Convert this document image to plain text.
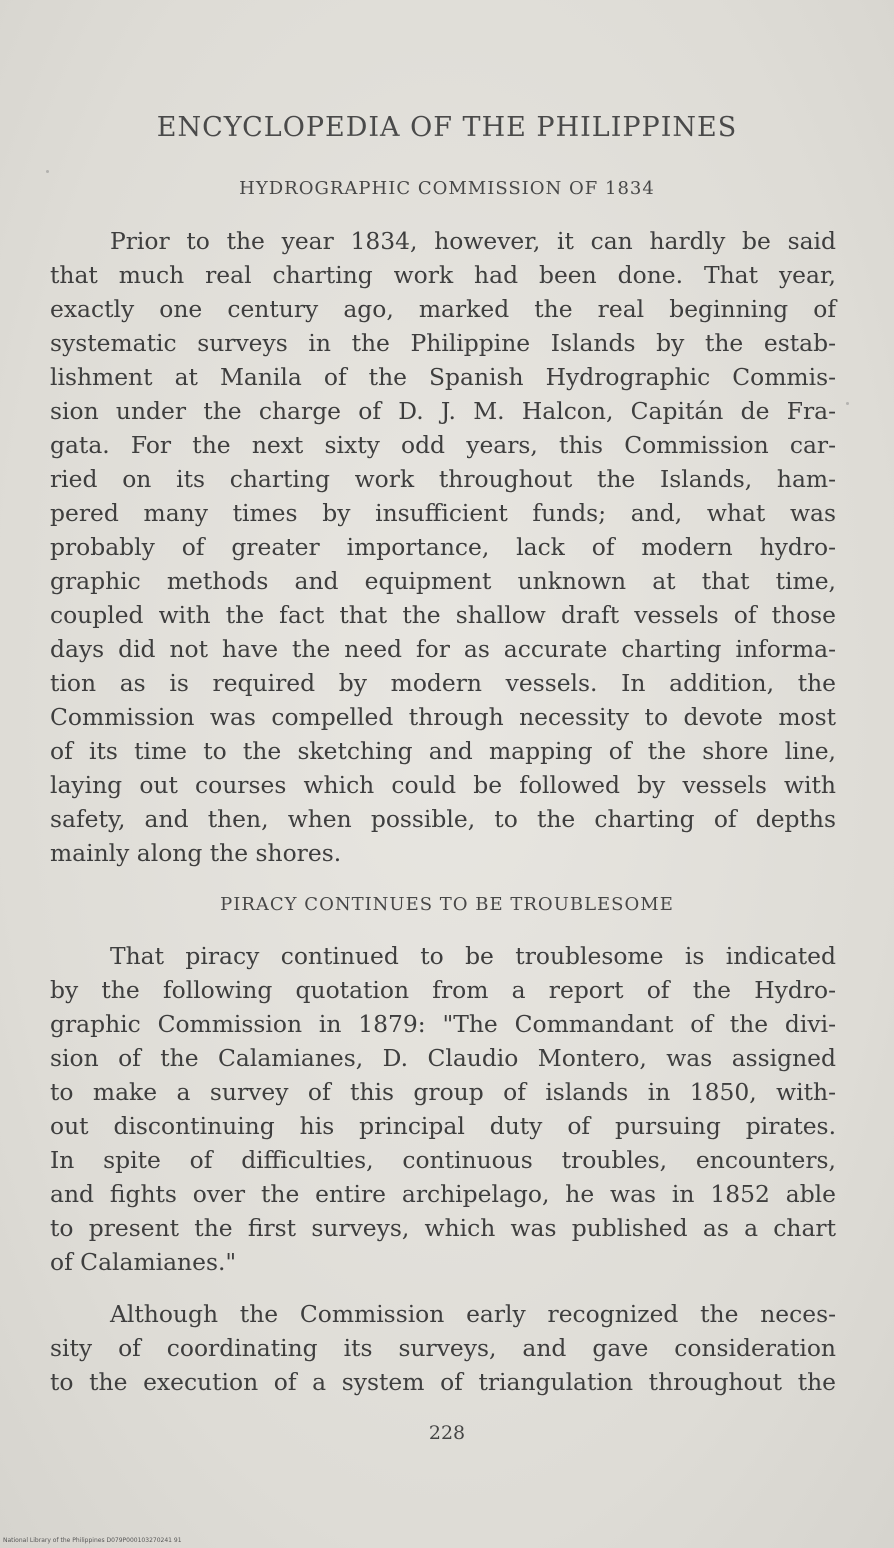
ENCYCLOPEDIA OF THE PHILIPPINES
HYDROGRAPHIC COMMISSION OF 1834
Prior to the year 1834, however, it can hardly be said
that much real charting work had been done. That year,
exactly one century ago, marked the real beginning of
systematic surveys in the Philippine Islands by the estab-
lishment at Manila of the Spanish Hydrographic Commis-
sion under the charge of D. J. M. Halcon, Capitán de Fra-
gata. For the next sixty odd years, this Commission car-
ried on its charting work throughout the Islands, ham-
pered many times by insufficient funds; and, what was
probably of greater importance, lack of modern hydro-
graphic methods and equipment unknown at that time,
coupled with the fact that the shallow draft vessels of those
days did not have the need for as accurate charting informa-
tion as is required by modern vessels. In addition, the
Commission was compelled through necessity to devote most
of its time to the sketching and mapping of the shore line,
laying out courses which could be followed by vessels with
safety, and then, when possible, to the charting of depths
mainly along the shores.
PIRACY CONTINUES TO BE TROUBLESOME
That piracy continued to be troublesome is indicated
by the following quotation from a report of the Hydro-
graphic Commission in 1879: "The Commandant of the divi-
sion of the Calamianes, D. Claudio Montero, was assigned
to make a survey of this group of islands in 1850, with-
out discontinuing his principal duty of pursuing pirates.
In spite of difficulties, continuous troubles, encounters,
and fights over the entire archipelago, he was in 1852 able
to present the first surveys, which was published as a chart
of Calamianes."
Although the Commission early recognized the neces-
sity of coordinating its surveys, and gave consideration
to the execution of a system of triangulation throughout the
228
National Library of the Philippines D079P000103270241 91
